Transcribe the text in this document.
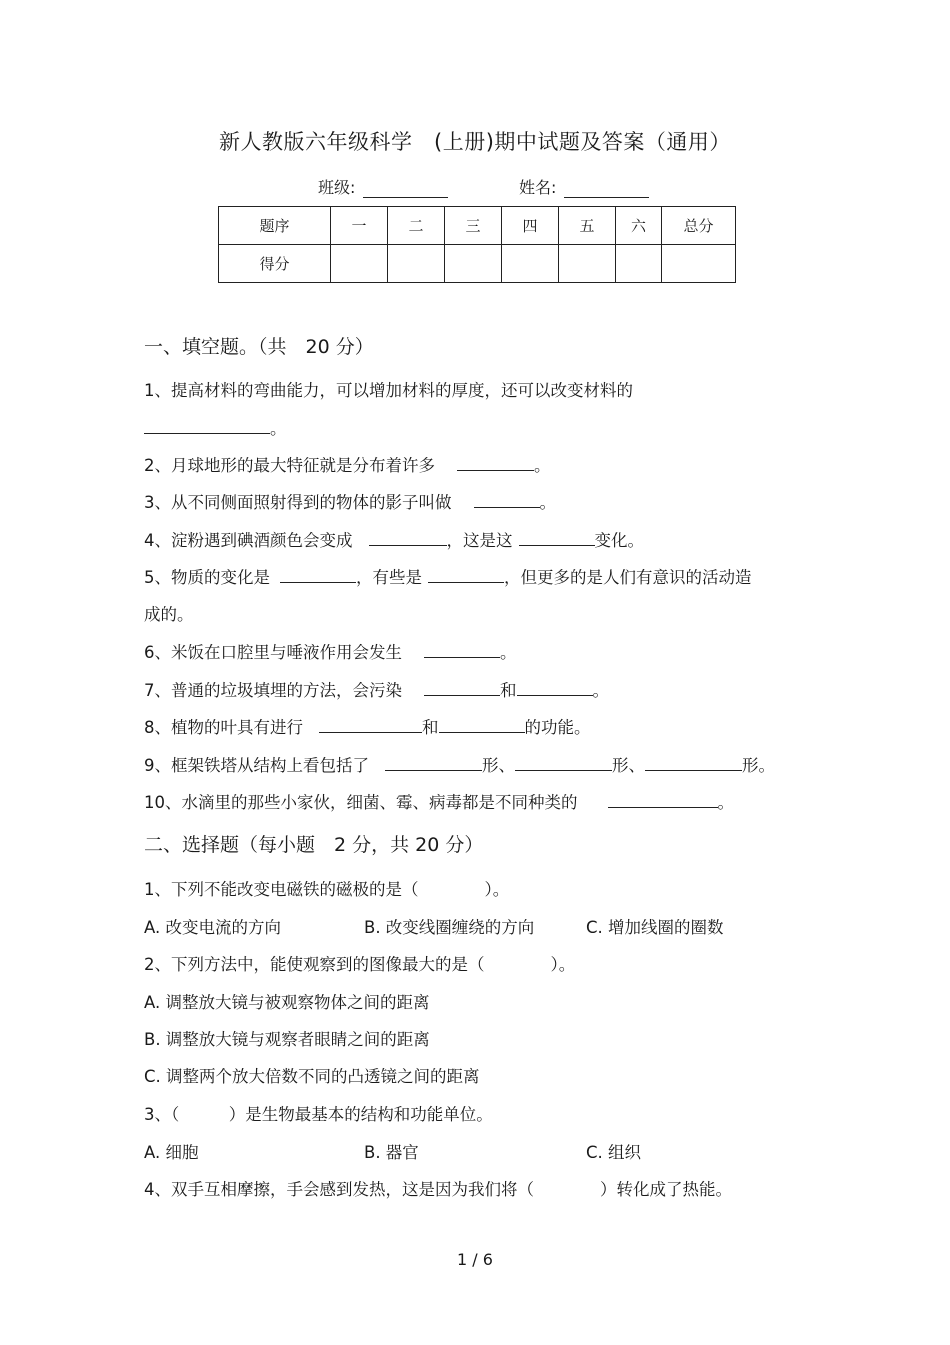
新人教版六年级科学　(上册)期中试题及答案（通用）
班级:	姓名:
题序	一	二	三	四	五	六	总分
得分							
一、填空题。（共　20 分）
1、提高材料的弯曲能力，可以增加材料的厚度，还可以改变材料的
。
2、月球地形的最大特征就是分布着许多	。
3、从不同侧面照射得到的物体的影子叫做	。
4、淀粉遇到碘酒颜色会变成	，这是这	变化。
5、物质的变化是	，有些是	，但更多的是人们有意识的活动造
成的。
6、米饭在口腔里与唾液作用会发生	。
7、普通的垃圾填埋的方法，会污染	和	。
8、植物的叶具有进行	和	的功能。
9、框架铁塔从结构上看包括了	形、	形、	形。
10、水滴里的那些小家伙，细菌、霉、病毒都是不同种类的	。
二、选择题（每小题　2 分，共 20 分）
1、下列不能改变电磁铁的磁极的是（　　　　）。
A. 改变电流的方向	B. 改变线圈缠绕的方向	C. 增加线圈的圈数
2、下列方法中，能使观察到的图像最大的是（　　　　）。
A. 调整放大镜与被观察物体之间的距离
B. 调整放大镜与观察者眼睛之间的距离
C. 调整两个放大倍数不同的凸透镜之间的距离
3、（　　　）是生物最基本的结构和功能单位。
A. 细胞	B. 器官	C. 组织
4、双手互相摩擦，手会感到发热，这是因为我们将（　　　　）转化成了热能。
1 / 6
